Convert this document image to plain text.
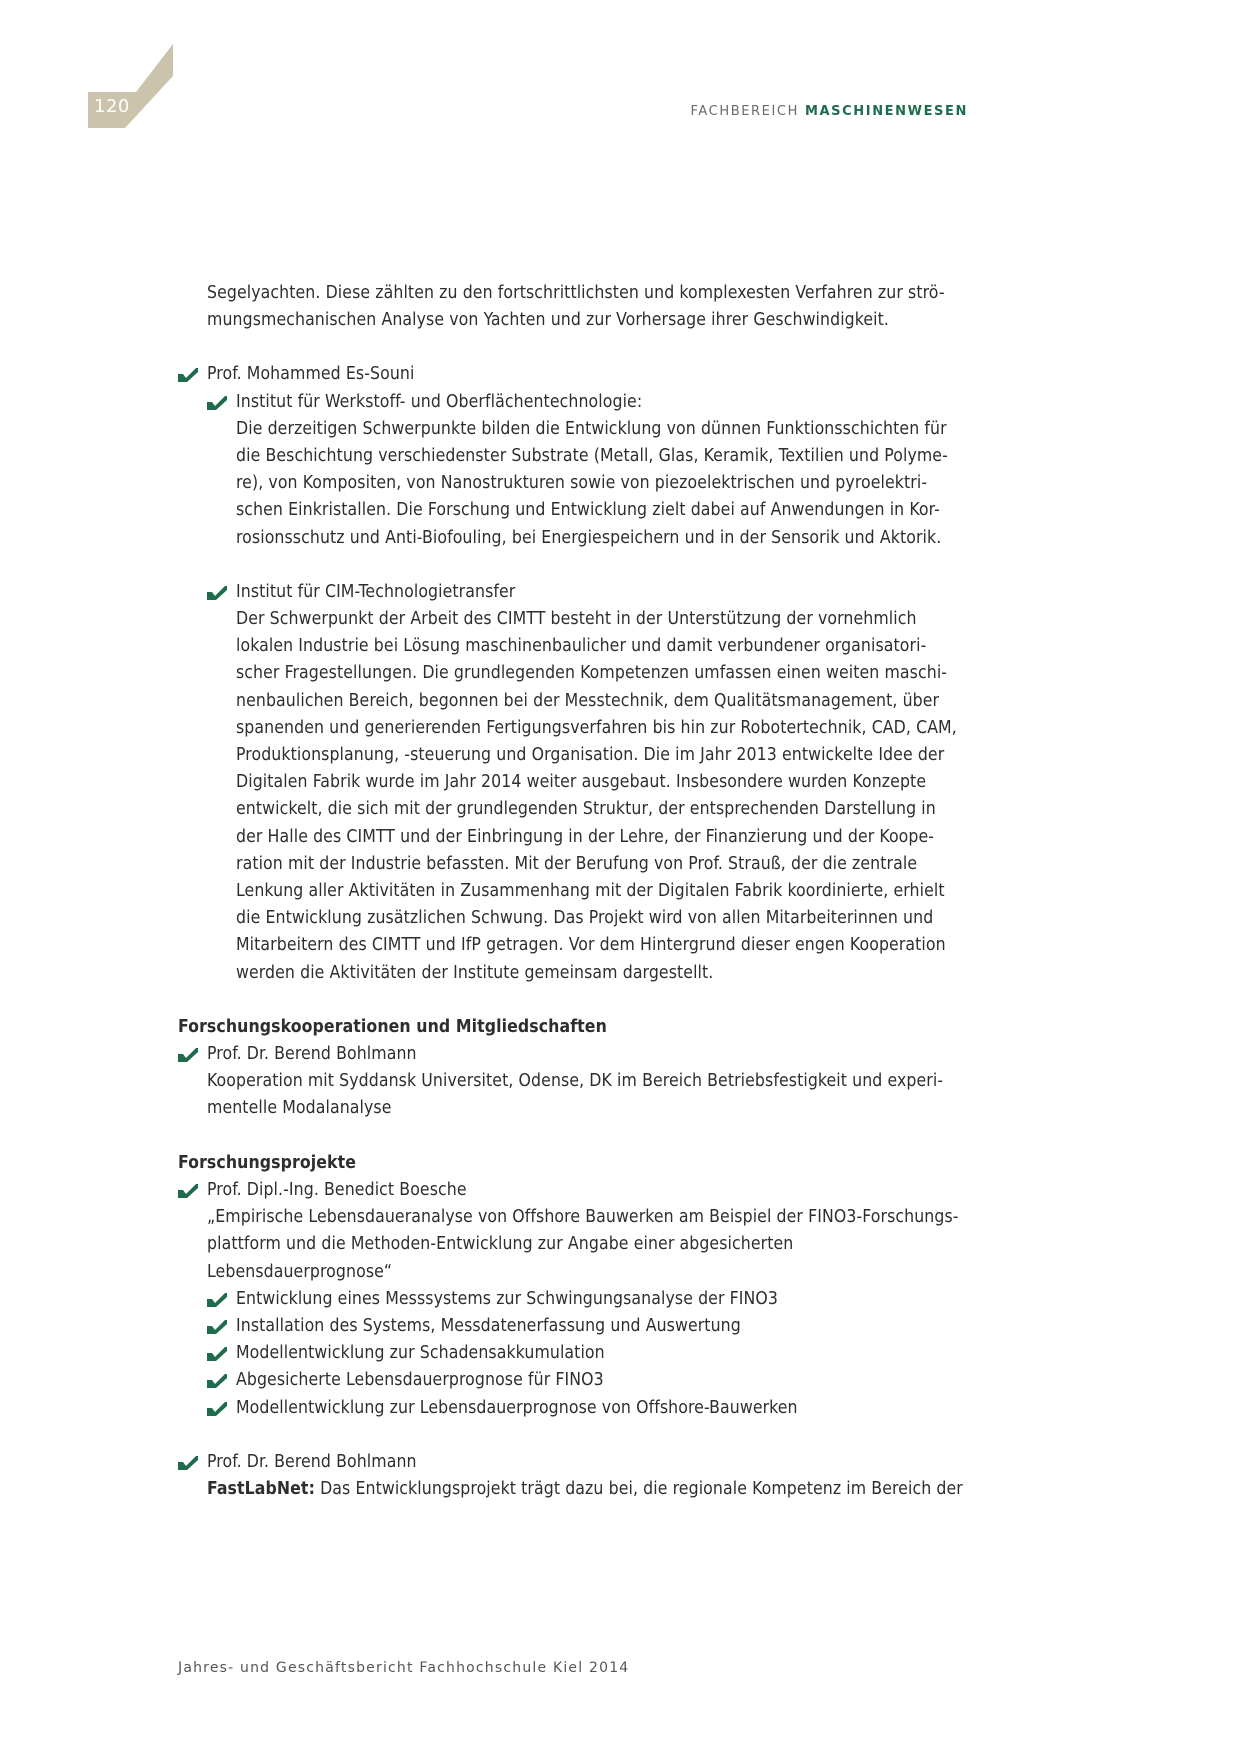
120	FACHBEREICH MASCHINENWESEN
Segelyachten. Diese zählten zu den fortschrittlichsten und komplexesten Verfahren zur strö-
mungsmechanischen Analyse von Yachten und zur Vorhersage ihrer Geschwindigkeit.
Prof. Mohammed Es-Souni
Institut für Werkstoff- und Oberflächentechnologie:
Die derzeitigen Schwerpunkte bilden die Entwicklung von dünnen Funktionsschichten für
die Beschichtung verschiedenster Substrate (Metall, Glas, Keramik, Textilien und Polyme-
re), von Kompositen, von Nanostrukturen sowie von piezoelektrischen und pyroelektri-
schen Einkristallen. Die Forschung und Entwicklung zielt dabei auf Anwendungen in Kor-
rosionsschutz und Anti-Biofouling, bei Energiespeichern und in der Sensorik und Aktorik.
Institut für CIM-Technologietransfer
Der Schwerpunkt der Arbeit des CIMTT besteht in der Unterstützung der vornehmlich
lokalen Industrie bei Lösung maschinenbaulicher und damit verbundener organisatori-
scher Fragestellungen. Die grundlegenden Kompetenzen umfassen einen weiten maschi-
nenbaulichen Bereich, begonnen bei der Messtechnik, dem Qualitätsmanagement, über
spanenden und generierenden Fertigungsverfahren bis hin zur Robotertechnik, CAD, CAM,
Produktionsplanung, -steuerung und Organisation. Die im Jahr 2013 entwickelte Idee der
Digitalen Fabrik wurde im Jahr 2014 weiter ausgebaut. Insbesondere wurden Konzepte
entwickelt, die sich mit der grundlegenden Struktur, der entsprechenden Darstellung in
der Halle des CIMTT und der Einbringung in der Lehre, der Finanzierung und der Koope-
ration mit der Industrie befassten. Mit der Berufung von Prof. Strauß, der die zentrale
Lenkung aller Aktivitäten in Zusammenhang mit der Digitalen Fabrik koordinierte, erhielt
die Entwicklung zusätzlichen Schwung. Das Projekt wird von allen Mitarbeiterinnen und
Mitarbeitern des CIMTT und IfP getragen. Vor dem Hintergrund dieser engen Kooperation
werden die Aktivitäten der Institute gemeinsam dargestellt.
Forschungskooperationen und Mitgliedschaften
Prof. Dr. Berend Bohlmann
Kooperation mit Syddansk Universitet, Odense, DK im Bereich Betriebsfestigkeit und experi-
mentelle Modalanalyse
Forschungsprojekte
Prof. Dipl.-Ing. Benedict Boesche
„Empirische Lebensdaueranalyse von Offshore Bauwerken am Beispiel der FINO3-Forschungs-
plattform und die Methoden-Entwicklung zur Angabe einer abgesicherten Lebensdauerprognose“
Entwicklung eines Messsystems zur Schwingungsanalyse der FINO3
Installation des Systems, Messdatenerfassung und Auswertung
Modellentwicklung zur Schadensakkumulation
Abgesicherte Lebensdauerprognose für FINO3
Modellentwicklung zur Lebensdauerprognose von Offshore-Bauwerken
Prof. Dr. Berend Bohlmann
FastLabNet: Das Entwicklungsprojekt trägt dazu bei, die regionale Kompetenz im Bereich der
Jahres- und Geschäftsbericht Fachhochschule Kiel 2014
